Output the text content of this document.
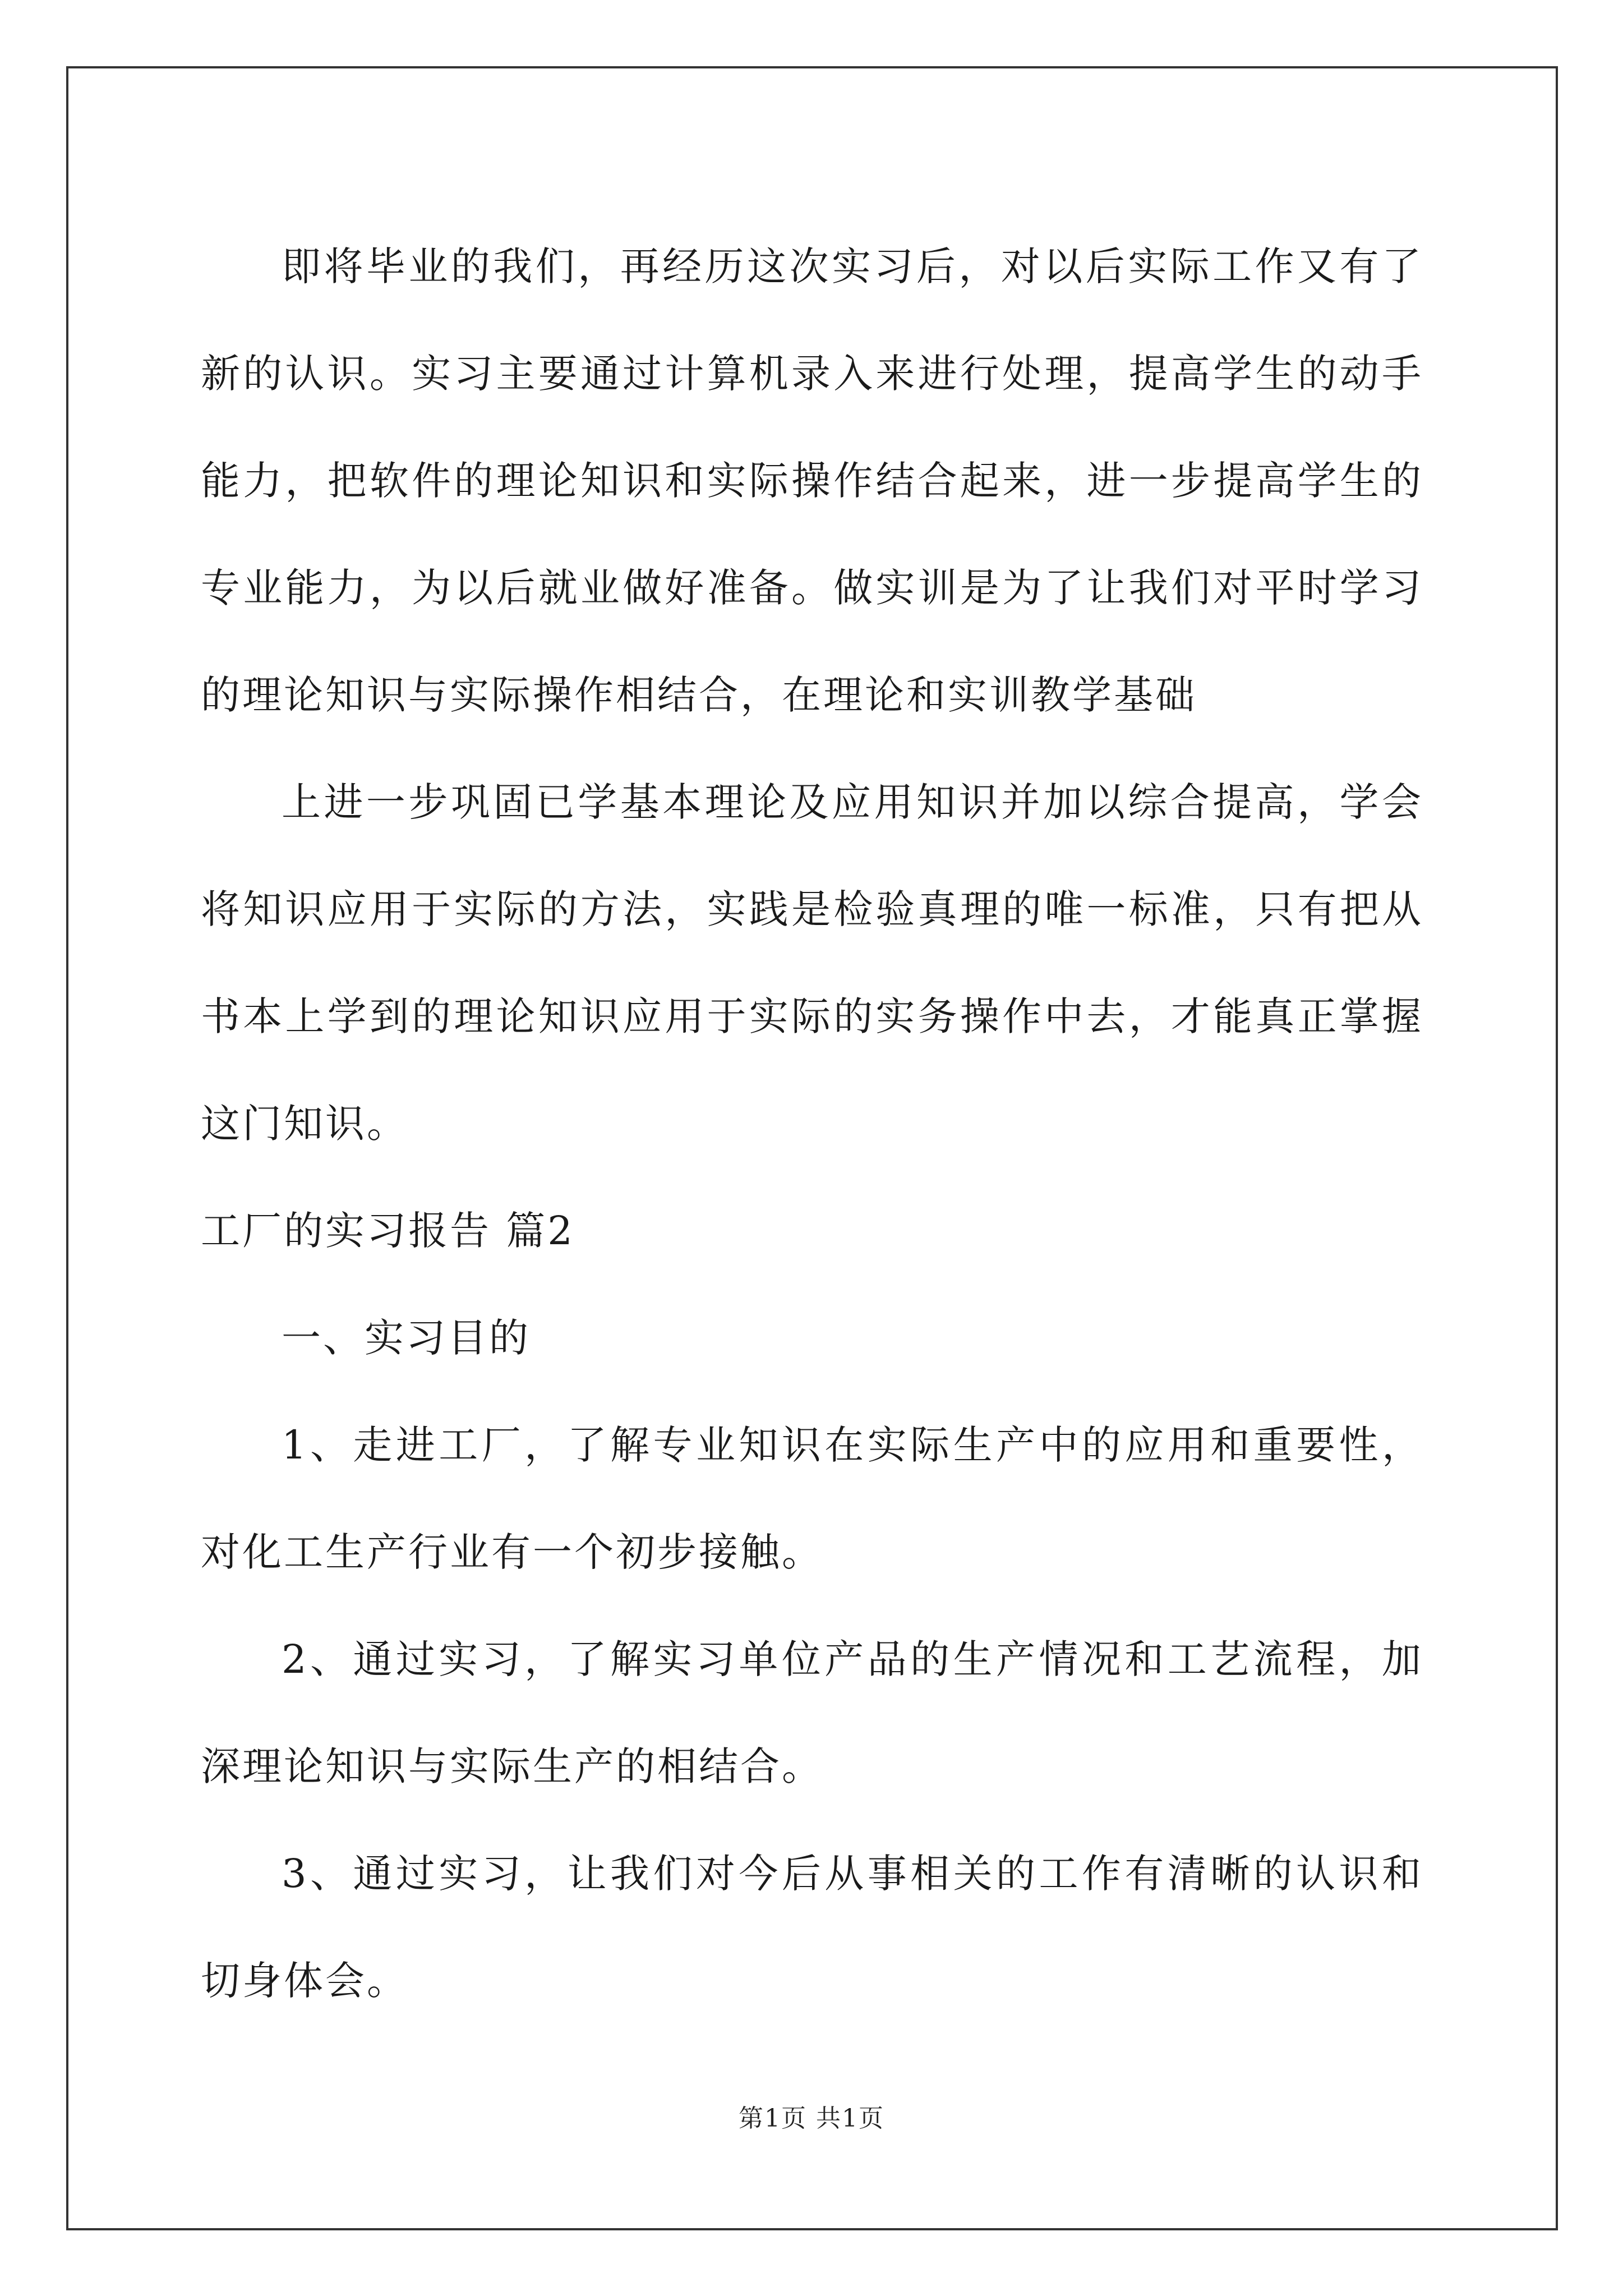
即将毕业的我们，再经历这次实习后，对以后实际工作又有了新的认识。实习主要通过计算机录入来进行处理，提高学生的动手能力，把软件的理论知识和实际操作结合起来，进一步提高学生的专业能力，为以后就业做好准备。做实训是为了让我们对平时学习的理论知识与实际操作相结合，在理论和实训教学基础

上进一步巩固已学基本理论及应用知识并加以综合提高，学会将知识应用于实际的方法，实践是检验真理的唯一标准，只有把从书本上学到的理论知识应用于实际的实务操作中去，才能真正掌握这门知识。

工厂的实习报告 篇2

一、实习目的

1、走进工厂，了解专业知识在实际生产中的应用和重要性，对化工生产行业有一个初步接触。

2、通过实习，了解实习单位产品的生产情况和工艺流程，加深理论知识与实际生产的相结合。

3、通过实习，让我们对今后从事相关的工作有清晰的认识和切身体会。

第1页 共1页
